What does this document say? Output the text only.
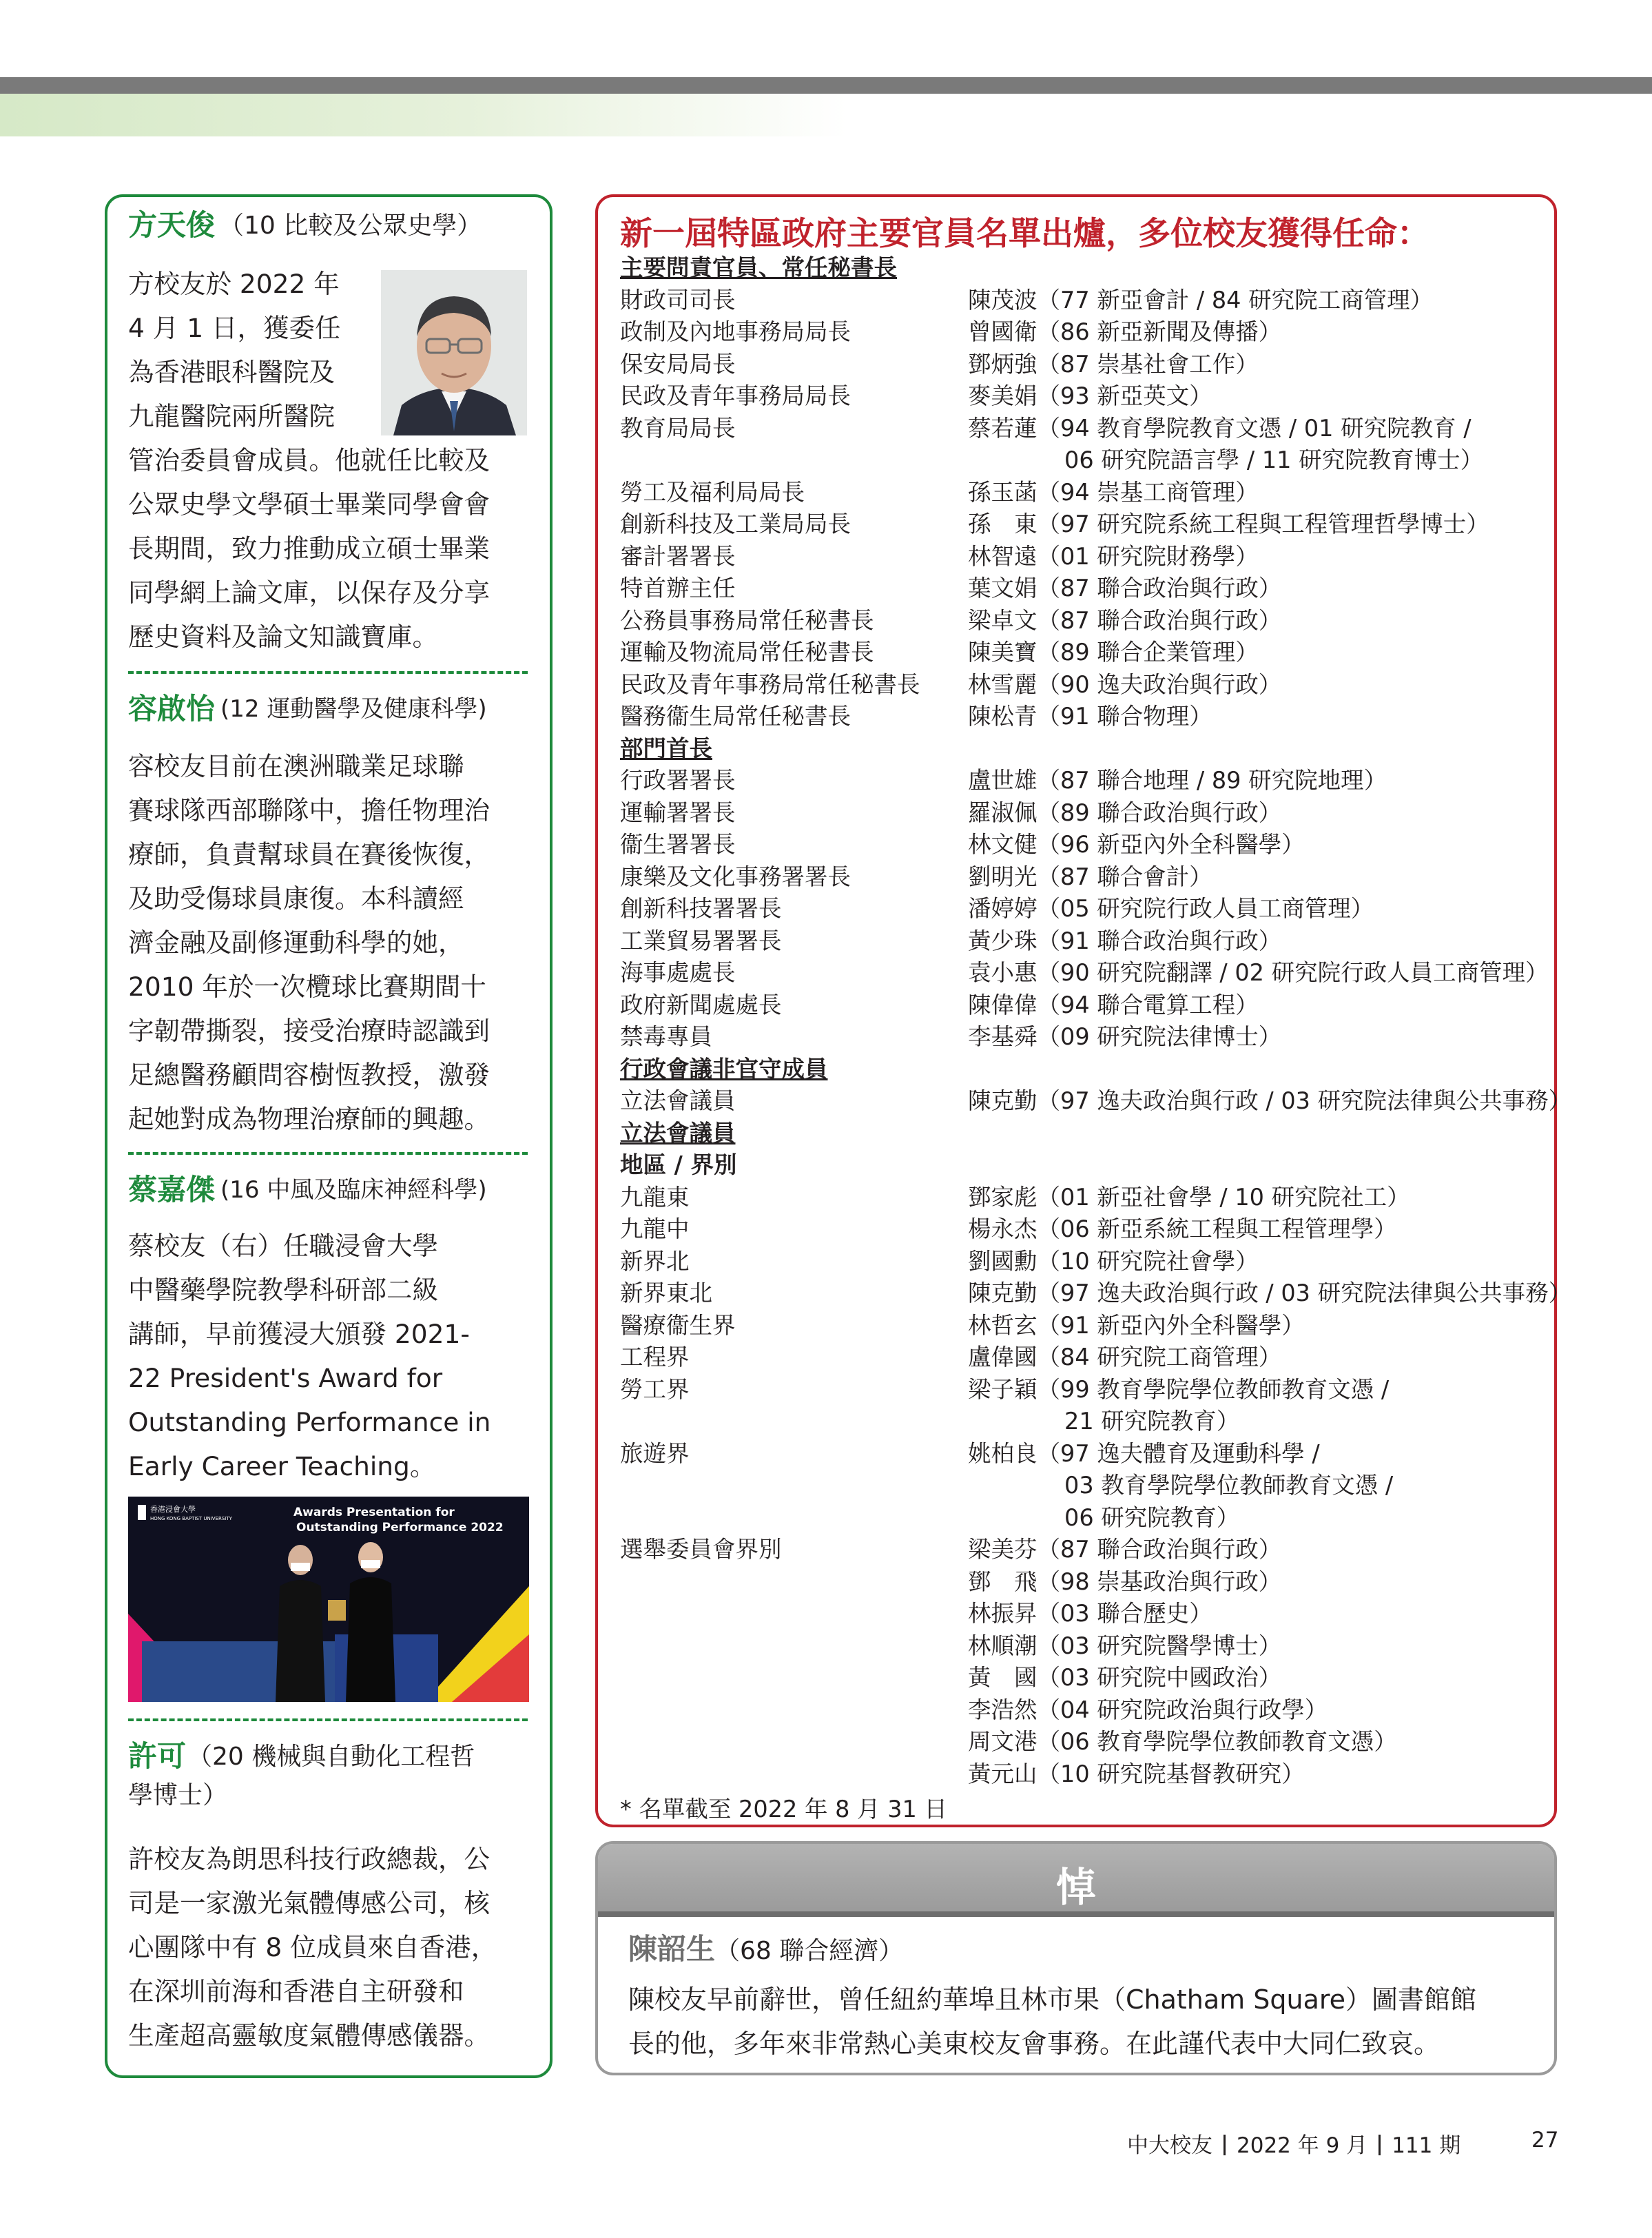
方天俊 （10 比較及公眾史學）
方校友於 2022 年
4 月 1 日，獲委任
為香港眼科醫院及
九龍醫院兩所醫院
管治委員會成員。他就任比較及
公眾史學文學碩士畢業同學會會
長期間，致力推動成立碩士畢業
同學網上論文庫，以保存及分享
歷史資料及論文知識寶庫。
容啟怡 (12 運動醫學及健康科學)
容校友目前在澳洲職業足球聯
賽球隊西部聯隊中，擔任物理治
療師，負責幫球員在賽後恢復，
及助受傷球員康復。本科讀經
濟金融及副修運動科學的她，
2010 年於一次欖球比賽期間十
字韌帶撕裂，接受治療時認識到
足總醫務顧問容樹恆教授，激發
起她對成為物理治療師的興趣。
蔡嘉傑 (16 中風及臨床神經科學)
蔡校友（右）任職浸會大學
中醫藥學院教學科研部二級
講師，早前獲浸大頒發 2021-
22 President's Award for
Outstanding Performance in
Early Career Teaching。
香港浸會大學
HONG KONG BAPTIST UNIVERSITY	Awards Presentation for
Outstanding Performance 2022
許可 （20 機械與自動化工程哲
學博士）
許校友為朗思科技行政總裁，公
司是一家激光氣體傳感公司，核
心團隊中有 8 位成員來自香港，
在深圳前海和香港自主研發和
生產超高靈敏度氣體傳感儀器。
新一屆特區政府主要官員名單出爐，多位校友獲得任命：
主要問責官員、常任秘書長
財政司司長	陳茂波（77 新亞會計 / 84 研究院工商管理）
政制及內地事務局局長	曾國衛（86 新亞新聞及傳播）
保安局局長	鄧炳強（87 崇基社會工作）
民政及青年事務局局長	麥美娟（93 新亞英文）
教育局局長	蔡若蓮（94 教育學院教育文憑 / 01 研究院教育 /
06 研究院語言學 / 11 研究院教育博士）
勞工及福利局局長	孫玉菡（94 崇基工商管理）
創新科技及工業局局長	孫　東（97 研究院系統工程與工程管理哲學博士）
審計署署長	林智遠（01 研究院財務學）
特首辦主任	葉文娟（87 聯合政治與行政）
公務員事務局常任秘書長	梁卓文（87 聯合政治與行政）
運輸及物流局常任秘書長	陳美寶（89 聯合企業管理）
民政及青年事務局常任秘書長	林雪麗（90 逸夫政治與行政）
醫務衞生局常任秘書長	陳松青（91 聯合物理）
部門首長
行政署署長	盧世雄（87 聯合地理 / 89 研究院地理）
運輸署署長	羅淑佩（89 聯合政治與行政）
衞生署署長	林文健（96 新亞內外全科醫學）
康樂及文化事務署署長	劉明光（87 聯合會計）
創新科技署署長	潘婷婷（05 研究院行政人員工商管理）
工業貿易署署長	黃少珠（91 聯合政治與行政）
海事處處長	袁小惠（90 研究院翻譯 / 02 研究院行政人員工商管理）
政府新聞處處長	陳偉偉（94 聯合電算工程）
禁毒專員	李基舜（09 研究院法律博士）
行政會議非官守成員
立法會議員	陳克勤（97 逸夫政治與行政 / 03 研究院法律與公共事務）
立法會議員
地區 / 界別
九龍東	鄧家彪（01 新亞社會學 / 10 研究院社工）
九龍中	楊永杰（06 新亞系統工程與工程管理學）
新界北	劉國勳（10 研究院社會學）
新界東北	陳克勤（97 逸夫政治與行政 / 03 研究院法律與公共事務）
醫療衞生界	林哲玄（91 新亞內外全科醫學）
工程界	盧偉國（84 研究院工商管理）
勞工界	梁子穎（99 教育學院學位教師教育文憑 /
21 研究院教育）
旅遊界	姚柏良（97 逸夫體育及運動科學 /
03 教育學院學位教師教育文憑 /
06 研究院教育）
選舉委員會界別	梁美芬（87 聯合政治與行政）
鄧　飛（98 崇基政治與行政）
林振昇（03 聯合歷史）
林順潮（03 研究院醫學博士）
黃　國（03 研究院中國政治）
李浩然（04 研究院政治與行政學）
周文港（06 教育學院學位教師教育文憑）
黃元山（10 研究院基督教研究）
* 名單截至 2022 年 8 月 31 日
悼
陳韶生（68 聯合經濟）
陳校友早前辭世，曾任紐約華埠且林市果（Chatham Square）圖書館館
長的他，多年來非常熱心美東校友會事務。在此謹代表中大同仁致哀。
中大校友 2022 年 9 月 111 期	27
